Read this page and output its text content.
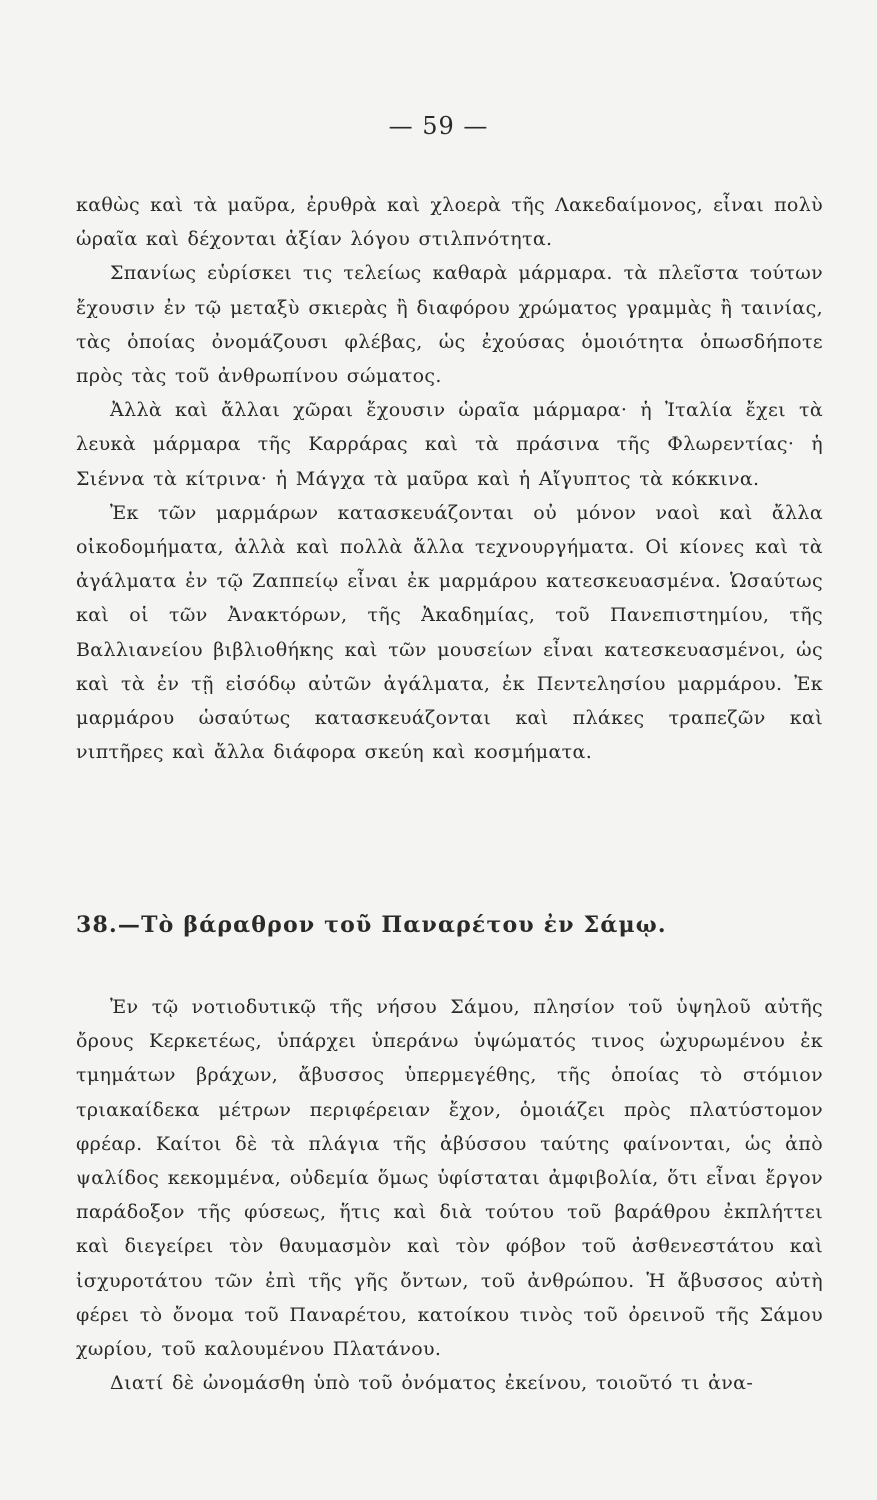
— 59 —

καθὼς καὶ τὰ μαῦρα, ἐρυθρὰ καὶ χλοερὰ τῆς Λακεδαίμονος, εἶναι πολὺ ὡραῖα καὶ δέχονται ἀξίαν λόγου στιλπνότητα.

Σπανίως εὑρίσκει τις τελείως καθαρὰ μάρμαρα. τὰ πλεῖστα τούτων ἔχουσιν ἐν τῷ μεταξὺ σκιερὰς ἢ διαφόρου χρώματος γραμμὰς ἢ ταινίας, τὰς ὁποίας ὀνομάζουσι φλέβας, ὡς ἐχούσας ὁμοιότητα ὁπωσδήποτε πρὸς τὰς τοῦ ἀνθρωπίνου σώματος.

Ἀλλὰ καὶ ἄλλαι χῶραι ἔχουσιν ὡραῖα μάρμαρα· ἡ Ἰταλία ἔχει τὰ λευκὰ μάρμαρα τῆς Καρράρας καὶ τὰ πράσινα τῆς Φλωρεντίας· ἡ Σιέννα τὰ κίτρινα· ἡ Μάγχα τὰ μαῦρα καὶ ἡ Αἴγυπτος τὰ κόκκινα.

Ἐκ τῶν μαρμάρων κατασκευάζονται οὐ μόνον ναοὶ καὶ ἄλλα οἰκοδομήματα, ἀλλὰ καὶ πολλὰ ἄλλα τεχνουργήματα. Οἱ κίονες καὶ τὰ ἀγάλματα ἐν τῷ Ζαππείῳ εἶναι ἐκ μαρμάρου κατεσκευασμένα. Ὡσαύτως καὶ οἱ τῶν Ἀνακτόρων, τῆς Ἀκαδημίας, τοῦ Πανεπιστημίου, τῆς Βαλλιανείου βιβλιοθήκης καὶ τῶν μουσείων εἶναι κατεσκευασμένοι, ὡς καὶ τὰ ἐν τῇ εἰσόδῳ αὐτῶν ἀγάλματα, ἐκ Πεντελησίου μαρμάρου. Ἐκ μαρμάρου ὡσαύτως κατασκευάζονται καὶ πλάκες τραπεζῶν καὶ νιπτῆρες καὶ ἄλλα διάφορα σκεύη καὶ κοσμήματα.

38.—Τὸ βάραθρον τοῦ Παναρέτου ἐν Σάμῳ.

Ἐν τῷ νοτιοδυτικῷ τῆς νήσου Σάμου, πλησίον τοῦ ὑψηλοῦ αὐτῆς ὄρους Κερκετέως, ὑπάρχει ὑπεράνω ὑψώματός τινος ὠχυρωμένου ἐκ τμημάτων βράχων, ἄβυσσος ὑπερμεγέθης, τῆς ὁποίας τὸ στόμιον τριακαίδεκα μέτρων περιφέρειαν ἔχον, ὁμοιάζει πρὸς πλατύστομον φρέαρ. Καίτοι δὲ τὰ πλάγια τῆς ἀβύσσου ταύτης φαίνονται, ὡς ἀπὸ ψαλίδος κεκομμένα, οὐδεμία ὅμως ὑφίσταται ἀμφιβολία, ὅτι εἶναι ἔργον παράδοξον τῆς φύσεως, ἥτις καὶ διὰ τούτου τοῦ βαράθρου ἐκπλήττει καὶ διεγείρει τὸν θαυμασμὸν καὶ τὸν φόβον τοῦ ἀσθενεστάτου καὶ ἰσχυροτάτου τῶν ἐπὶ τῆς γῆς ὄντων, τοῦ ἀνθρώπου. Ἡ ἄβυσσος αὐτὴ φέρει τὸ ὄνομα τοῦ Παναρέτου, κατοίκου τινὸς τοῦ ὀρεινοῦ τῆς Σάμου χωρίου, τοῦ καλουμένου Πλατάνου.

Διατί δὲ ὠνομάσθη ὑπὸ τοῦ ὀνόματος ἐκείνου, τοιοῦτό τι ἀνα-
